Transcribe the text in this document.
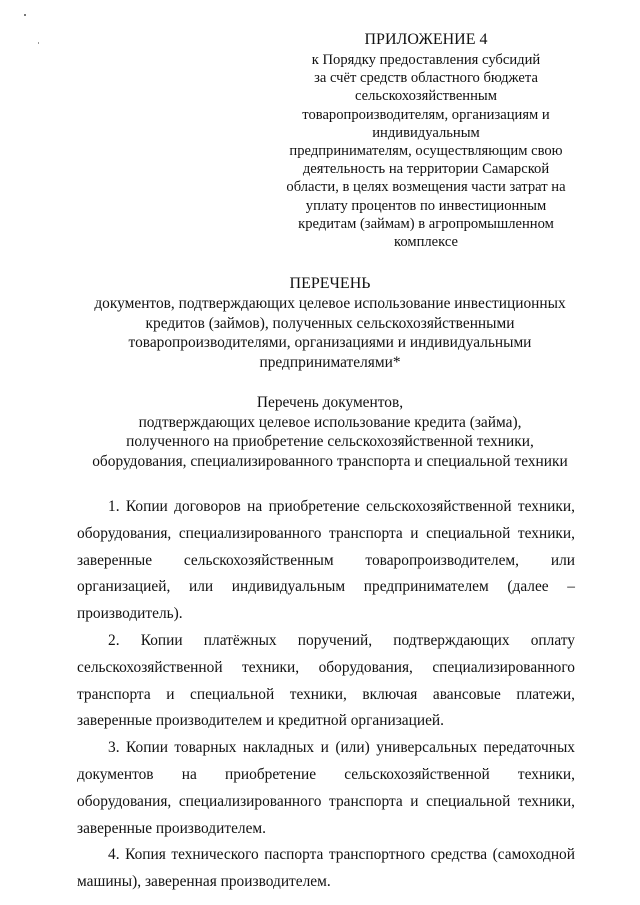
ПРИЛОЖЕНИЕ 4
к Порядку предоставления субсидий
за счёт средств областного бюджета
сельскохозяйственным
товаропроизводителям, организациям и
индивидуальным
предпринимателям, осуществляющим свою
деятельность на территории Самарской
области, в целях возмещения части затрат на
уплату процентов по инвестиционным
кредитам (займам) в агропромышленном
комплексе
ПЕРЕЧЕНЬ
документов, подтверждающих целевое использование инвестиционных
кредитов (займов), полученных сельскохозяйственными
товаропроизводителями, организациями и индивидуальными
предпринимателями*
Перечень документов,
подтверждающих целевое использование кредита (займа),
полученного на приобретение сельскохозяйственной техники,
оборудования, специализированного транспорта и специальной техники

1. Копии договоров на приобретение сельскохозяйственной техники, оборудования, специализированного транспорта и специальной техники, заверенные сельскохозяйственным товаропроизводителем, или организацией, или индивидуальным предпринимателем (далее – производитель).

2. Копии платёжных поручений, подтверждающих оплату сельскохозяйственной техники, оборудования, специализированного транспорта и специальной техники, включая авансовые платежи, заверенные производителем и кредитной организацией.

3. Копии товарных накладных и (или) универсальных передаточных документов на приобретение сельскохозяйственной техники, оборудования, специализированного транспорта и специальной техники, заверенные производителем.

4. Копия технического паспорта транспортного средства (самоходной машины), заверенная производителем.
